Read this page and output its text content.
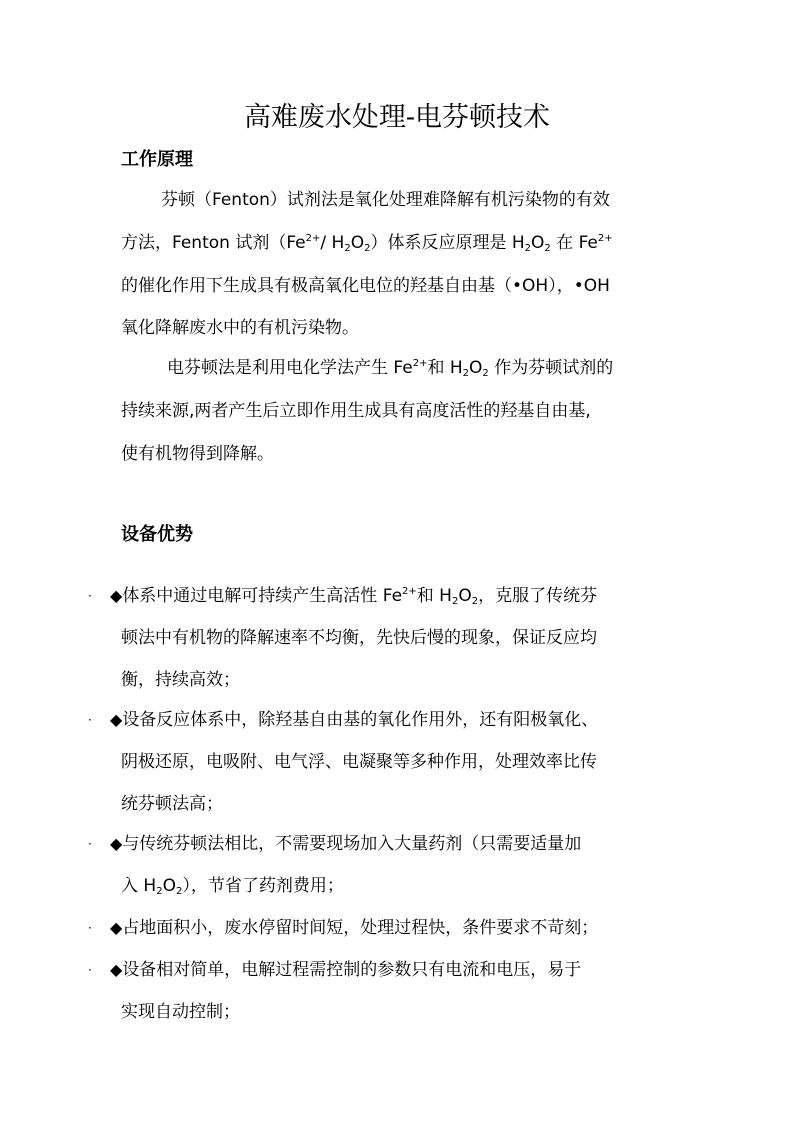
高难废水处理-电芬顿技术
工作原理
芬顿（Fenton）试剂法是氧化处理难降解有机污染物的有效
方法，Fenton 试剂（$Fe^{2+}/$ $H_2O_2$）体系反应原理是 $H_2O_2$ 在 $Fe^{2+}$
的催化作用下生成具有极高氧化电位的羟基自由基（•OH），•OH
氧化降解废水中的有机污染物。
电芬顿法是利用电化学法产生 $Fe^{2+}$和 $H_2O_2$ 作为芬顿试剂的
持续来源,两者产生后立即作用生成具有高度活性的羟基自由基,
使有机物得到降解。
设备优势
· ◆体系中通过电解可持续产生高活性 $Fe^{2+}$和 $H_2O_2$，克服了传统芬
顿法中有机物的降解速率不均衡，先快后慢的现象，保证反应均
衡，持续高效；
· ◆设备反应体系中，除羟基自由基的氧化作用外，还有阳极氧化、
阴极还原，电吸附、电气浮、电凝聚等多种作用，处理效率比传
统芬顿法高；
· ◆与传统芬顿法相比，不需要现场加入大量药剂（只需要适量加
入 $H_2O_2$），节省了药剂费用；
· ◆占地面积小，废水停留时间短，处理过程快，条件要求不苛刻；
· ◆设备相对简单，电解过程需控制的参数只有电流和电压，易于
实现自动控制；
